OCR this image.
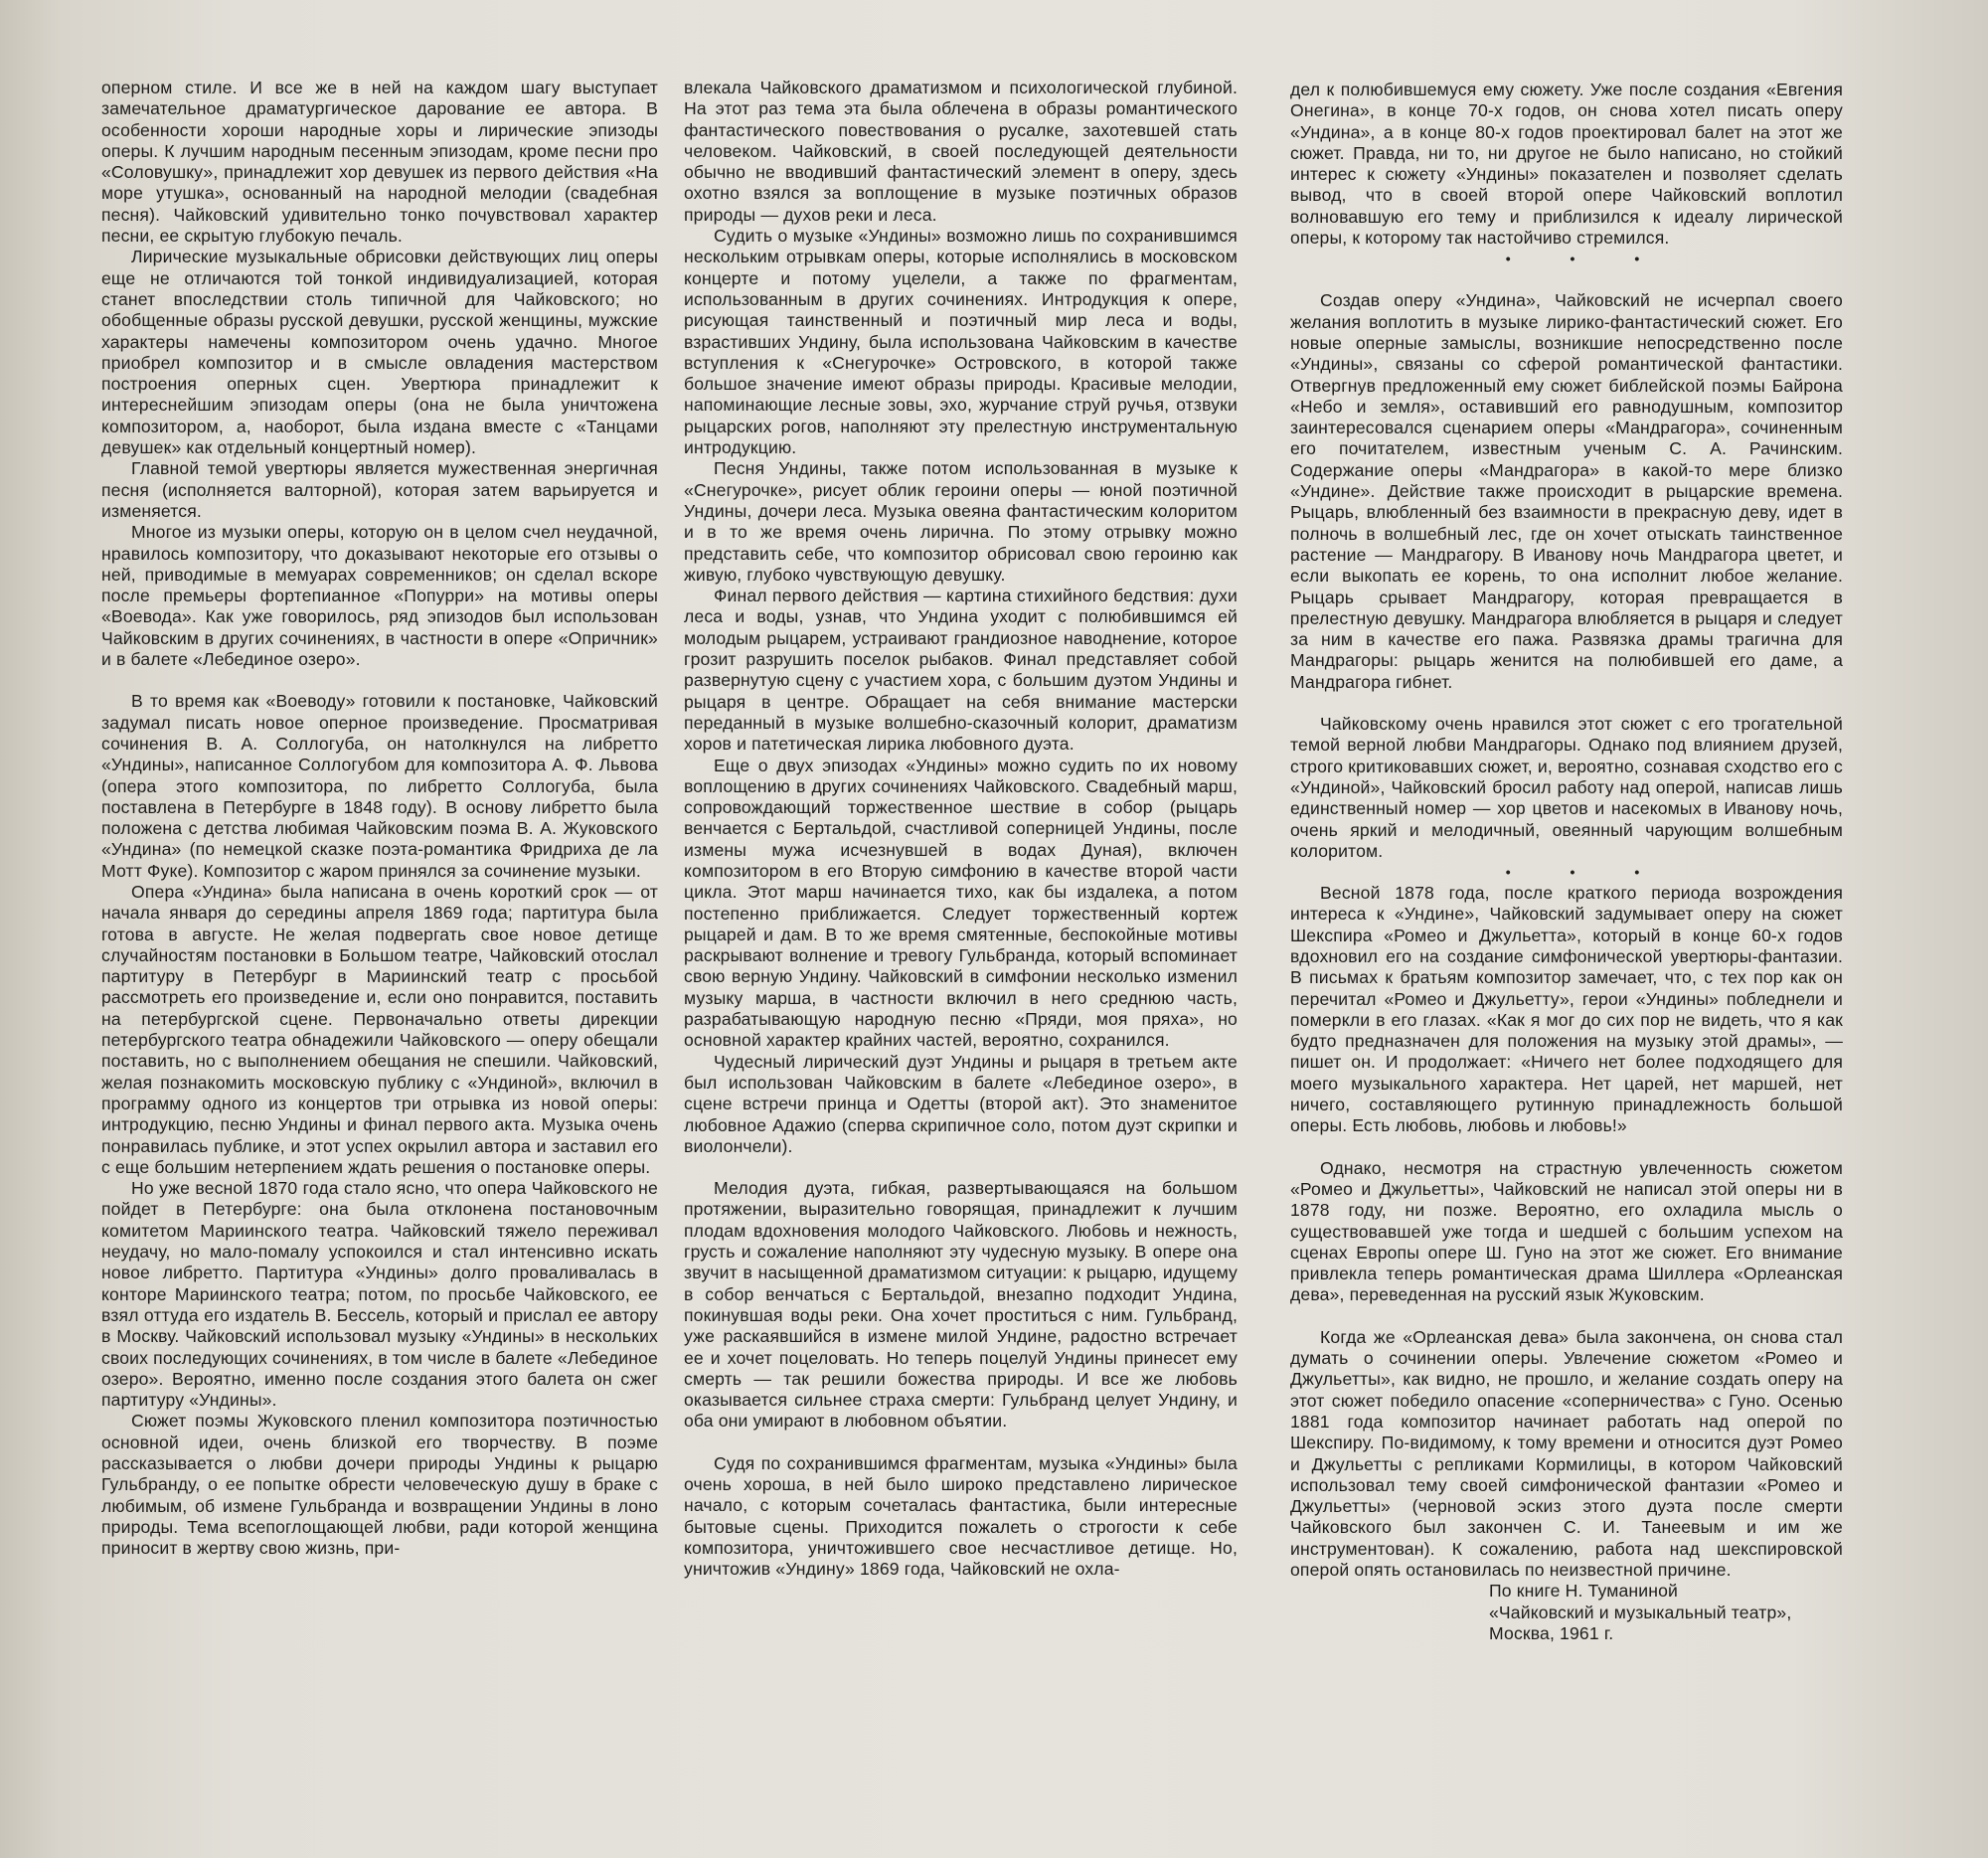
оперном стиле. И все же в ней на каждом шагу выступает замечательное драматургическое дарование ее автора. В особенности хороши народные хоры и лирические эпизоды оперы. К лучшим народным песенным эпизодам, кроме песни про «Соловушку», принадлежит хор девушек из первого действия «На море утушка», основанный на народной мелодии (свадебная песня). Чайковский удивительно тонко почувствовал характер песни, ее скрытую глубокую печаль.

Лирические музыкальные обрисовки действующих лиц оперы еще не отличаются той тонкой индивидуализацией, которая станет впоследствии столь типичной для Чайковского; но обобщенные образы русской девушки, русской женщины, мужские характеры намечены композитором очень удачно. Многое приобрел композитор и в смысле овладения мастерством построения оперных сцен. Увертюра принадлежит к интереснейшим эпизодам оперы (она не была уничтожена композитором, а, наоборот, была издана вместе с «Танцами девушек» как отдельный концертный номер).

Главной темой увертюры является мужественная энергичная песня (исполняется валторной), которая затем варьируется и изменяется.

Многое из музыки оперы, которую он в целом счел неудачной, нравилось композитору, что доказывают некоторые его отзывы о ней, приводимые в мемуарах современников; он сделал вскоре после премьеры фортепианное «Попурри» на мотивы оперы «Воевода». Как уже говорилось, ряд эпизодов был использован Чайковским в других сочинениях, в частности в опере «Опричник» и в балете «Лебединое озеро».

В то время как «Воеводу» готовили к постановке, Чайковский задумал писать новое оперное произведение. Просматривая сочинения В. А. Соллогуба, он натолкнулся на либретто «Ундины», написанное Соллогубом для композитора А. Ф. Львова (опера этого композитора, по либретто Соллогуба, была поставлена в Петербурге в 1848 году). В основу либретто была положена с детства любимая Чайковским поэма В. А. Жуковского «Ундина» (по немецкой сказке поэта-романтика Фридриха де ла Мотт Фуке). Композитор с жаром принялся за сочинение музыки.

Опера «Ундина» была написана в очень короткий срок — от начала января до середины апреля 1869 года; партитура была готова в августе. Не желая подвергать свое новое детище случайностям постановки в Большом театре, Чайковский отослал партитуру в Петербург в Мариинский театр с просьбой рассмотреть его произведение и, если оно понравится, поставить на петербургской сцене. Первоначально ответы дирекции петербургского театра обнадежили Чайковского — оперу обещали поставить, но с выполнением обещания не спешили. Чайковский, желая познакомить московскую публику с «Ундиной», включил в программу одного из концертов три отрывка из новой оперы: интродукцию, песню Ундины и финал первого акта. Музыка очень понравилась публике, и этот успех окрылил автора и заставил его с еще большим нетерпением ждать решения о постановке оперы.

Но уже весной 1870 года стало ясно, что опера Чайковского не пойдет в Петербурге: она была отклонена постановочным комитетом Мариинского театра. Чайковский тяжело переживал неудачу, но мало-помалу успокоился и стал интенсивно искать новое либретто. Партитура «Ундины» долго проваливалась в конторе Мариинского театра; потом, по просьбе Чайковского, ее взял оттуда его издатель В. Бессель, который и прислал ее автору в Москву. Чайковский использовал музыку «Ундины» в нескольких своих последующих сочинениях, в том числе в балете «Лебединое озеро». Вероятно, именно после создания этого балета он сжег партитуру «Ундины».

Сюжет поэмы Жуковского пленил композитора поэтичностью основной идеи, очень близкой его творчеству. В поэме рассказывается о любви дочери природы Ундины к рыцарю Гульбранду, о ее попытке обрести человеческую душу в браке с любимым, об измене Гульбранда и возвращении Ундины в лоно природы. Тема всепоглощающей любви, ради которой женщина приносит в жертву свою жизнь, при-

влекала Чайковского драматизмом и психологической глубиной. На этот раз тема эта была облечена в образы романтического фантастического повествования о русалке, захотевшей стать человеком. Чайковский, в своей последующей деятельности обычно не вводивший фантастический элемент в оперу, здесь охотно взялся за воплощение в музыке поэтичных образов природы — духов реки и леса.

Судить о музыке «Ундины» возможно лишь по сохранившимся нескольким отрывкам оперы, которые исполнялись в московском концерте и потому уцелели, а также по фрагментам, использованным в других сочинениях. Интродукция к опере, рисующая таинственный и поэтичный мир леса и воды, взрастивших Ундину, была использована Чайковским в качестве вступления к «Снегурочке» Островского, в которой также большое значение имеют образы природы. Красивые мелодии, напоминающие лесные зовы, эхо, журчание струй ручья, отзвуки рыцарских рогов, наполняют эту прелестную инструментальную интродукцию.

Песня Ундины, также потом использованная в музыке к «Снегурочке», рисует облик героини оперы — юной поэтичной Ундины, дочери леса. Музыка овеяна фантастическим колоритом и в то же время очень лирична. По этому отрывку можно представить себе, что композитор обрисовал свою героиню как живую, глубоко чувствующую девушку.

Финал первого действия — картина стихийного бедствия: духи леса и воды, узнав, что Ундина уходит с полюбившимся ей молодым рыцарем, устраивают грандиозное наводнение, которое грозит разрушить поселок рыбаков. Финал представляет собой развернутую сцену с участием хора, с большим дуэтом Ундины и рыцаря в центре. Обращает на себя внимание мастерски переданный в музыке волшебно-сказочный колорит, драматизм хоров и патетическая лирика любовного дуэта.

Еще о двух эпизодах «Ундины» можно судить по их новому воплощению в других сочинениях Чайковского. Свадебный марш, сопровождающий торжественное шествие в собор (рыцарь венчается с Бертальдой, счастливой соперницей Ундины, после измены мужа исчезнувшей в водах Дуная), включен композитором в его Вторую симфонию в качестве второй части цикла. Этот марш начинается тихо, как бы издалека, а потом постепенно приближается. Следует торжественный кортеж рыцарей и дам. В то же время смятенные, беспокойные мотивы раскрывают волнение и тревогу Гульбранда, который вспоминает свою верную Ундину. Чайковский в симфонии несколько изменил музыку марша, в частности включил в него среднюю часть, разрабатывающую народную песню «Пряди, моя пряха», но основной характер крайних частей, вероятно, сохранился.

Чудесный лирический дуэт Ундины и рыцаря в третьем акте был использован Чайковским в балете «Лебединое озеро», в сцене встречи принца и Одетты (второй акт). Это знаменитое любовное Адажио (сперва скрипичное соло, потом дуэт скрипки и виолончели).

Мелодия дуэта, гибкая, развертывающаяся на большом протяжении, выразительно говорящая, принадлежит к лучшим плодам вдохновения молодого Чайковского. Любовь и нежность, грусть и сожаление наполняют эту чудесную музыку. В опере она звучит в насыщенной драматизмом ситуации: к рыцарю, идущему в собор венчаться с Бертальдой, внезапно подходит Ундина, покинувшая воды реки. Она хочет проститься с ним. Гульбранд, уже раскаявшийся в измене милой Ундине, радостно встречает ее и хочет поцеловать. Но теперь поцелуй Ундины принесет ему смерть — так решили божества природы. И все же любовь оказывается сильнее страха смерти: Гульбранд целует Ундину, и оба они умирают в любовном объятии.

Судя по сохранившимся фрагментам, музыка «Ундины» была очень хороша, в ней было широко представлено лирическое начало, с которым сочеталась фантастика, были интересные бытовые сцены. Приходится пожалеть о строгости к себе композитора, уничтожившего свое несчастливое детище. Но, уничтожив «Ундину» 1869 года, Чайковский не охла-

дел к полюбившемуся ему сюжету. Уже после создания «Евгения Онегина», в конце 70-х годов, он снова хотел писать оперу «Ундина», а в конце 80-х годов проектировал балет на этот же сюжет. Правда, ни то, ни другое не было написано, но стойкий интерес к сюжету «Ундины» показателен и позволяет сделать вывод, что в своей второй опере Чайковский воплотил волновавшую его тему и приблизился к идеалу лирической оперы, к которому так настойчиво стремился.

• • •

Создав оперу «Ундина», Чайковский не исчерпал своего желания воплотить в музыке лирико-фантастический сюжет. Его новые оперные замыслы, возникшие непосредственно после «Ундины», связаны со сферой романтической фантастики. Отвергнув предложенный ему сюжет библейской поэмы Байрона «Небо и земля», оставивший его равнодушным, композитор заинтересовался сценарием оперы «Мандрагора», сочиненным его почитателем, известным ученым С. А. Рачинским. Содержание оперы «Мандрагора» в какой-то мере близко «Ундине». Действие также происходит в рыцарские времена. Рыцарь, влюбленный без взаимности в прекрасную деву, идет в полночь в волшебный лес, где он хочет отыскать таинственное растение — Мандрагору. В Иванову ночь Мандрагора цветет, и если выкопать ее корень, то она исполнит любое желание. Рыцарь срывает Мандрагору, которая превращается в прелестную девушку. Мандрагора влюбляется в рыцаря и следует за ним в качестве его пажа. Развязка драмы трагична для Мандрагоры: рыцарь женится на полюбившей его даме, а Мандрагора гибнет.

Чайковскому очень нравился этот сюжет с его трогательной темой верной любви Мандрагоры. Однако под влиянием друзей, строго критиковавших сюжет, и, вероятно, сознавая сходство его с «Ундиной», Чайковский бросил работу над оперой, написав лишь единственный номер — хор цветов и насекомых в Иванову ночь, очень яркий и мелодичный, овеянный чарующим волшебным колоритом.

• • •

Весной 1878 года, после краткого периода возрождения интереса к «Ундине», Чайковский задумывает оперу на сюжет Шекспира «Ромео и Джульетта», который в конце 60-х годов вдохновил его на создание симфонической увертюры-фантазии. В письмах к братьям композитор замечает, что, с тех пор как он перечитал «Ромео и Джульетту», герои «Ундины» побледнели и померкли в его глазах. «Как я мог до сих пор не видеть, что я как будто предназначен для положения на музыку этой драмы», — пишет он. И продолжает: «Ничего нет более подходящего для моего музыкального характера. Нет царей, нет маршей, нет ничего, составляющего рутинную принадлежность большой оперы. Есть любовь, любовь и любовь!»

Однако, несмотря на страстную увлеченность сюжетом «Ромео и Джульетты», Чайковский не написал этой оперы ни в 1878 году, ни позже. Вероятно, его охладила мысль о существовавшей уже тогда и шедшей с большим успехом на сценах Европы опере Ш. Гуно на этот же сюжет. Его внимание привлекла теперь романтическая драма Шиллера «Орлеанская дева», переведенная на русский язык Жуковским.

Когда же «Орлеанская дева» была закончена, он снова стал думать о сочинении оперы. Увлечение сюжетом «Ромео и Джульетты», как видно, не прошло, и желание создать оперу на этот сюжет победило опасение «соперничества» с Гуно. Осенью 1881 года композитор начинает работать над оперой по Шекспиру. По-видимому, к тому времени и относится дуэт Ромео и Джульетты с репликами Кормилицы, в котором Чайковский использовал тему своей симфонической фантазии «Ромео и Джульетты» (черновой эскиз этого дуэта после смерти Чайковского был закончен С. И. Танеевым и им же инструментован). К сожалению, работа над шекспировской оперой опять остановилась по неизвестной причине.

По книге Н. Туманиной

«Чайковский и музыкальный театр»,

Москва, 1961 г.
